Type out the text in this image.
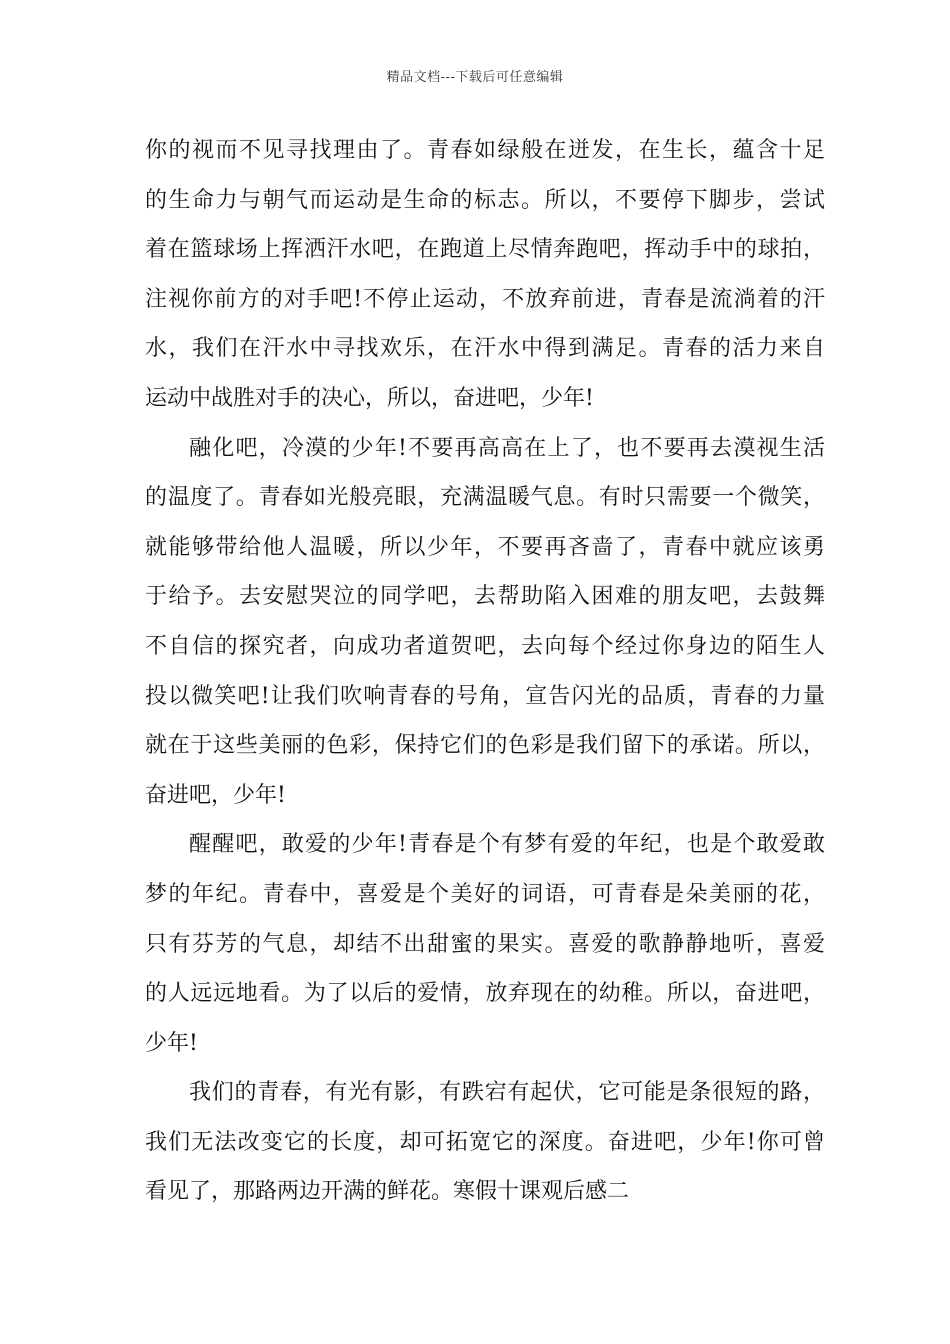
精品文档---下载后可任意编辑
你的视而不见寻找理由了。青春如绿般在迸发，在生长，蕴含十足
的生命力与朝气而运动是生命的标志。所以，不要停下脚步，尝试
着在篮球场上挥洒汗水吧，在跑道上尽情奔跑吧，挥动手中的球拍，
注视你前方的对手吧!不停止运动，不放弃前进，青春是流淌着的汗
水，我们在汗水中寻找欢乐，在汗水中得到满足。青春的活力来自
运动中战胜对手的决心，所以，奋进吧，少年!
融化吧，冷漠的少年!不要再高高在上了，也不要再去漠视生活
的温度了。青春如光般亮眼，充满温暖气息。有时只需要一个微笑，
就能够带给他人温暖，所以少年，不要再吝啬了，青春中就应该勇
于给予。去安慰哭泣的同学吧，去帮助陷入困难的朋友吧，去鼓舞
不自信的探究者，向成功者道贺吧，去向每个经过你身边的陌生人
投以微笑吧!让我们吹响青春的号角，宣告闪光的品质，青春的力量
就在于这些美丽的色彩，保持它们的色彩是我们留下的承诺。所以，
奋进吧，少年!
醒醒吧，敢爱的少年!青春是个有梦有爱的年纪，也是个敢爱敢
梦的年纪。青春中，喜爱是个美好的词语，可青春是朵美丽的花，
只有芬芳的气息，却结不出甜蜜的果实。喜爱的歌静静地听，喜爱
的人远远地看。为了以后的爱情，放弃现在的幼稚。所以，奋进吧，
少年!
我们的青春，有光有影，有跌宕有起伏，它可能是条很短的路，
我们无法改变它的长度，却可拓宽它的深度。奋进吧，少年!你可曾
看见了，那路两边开满的鲜花。寒假十课观后感二
